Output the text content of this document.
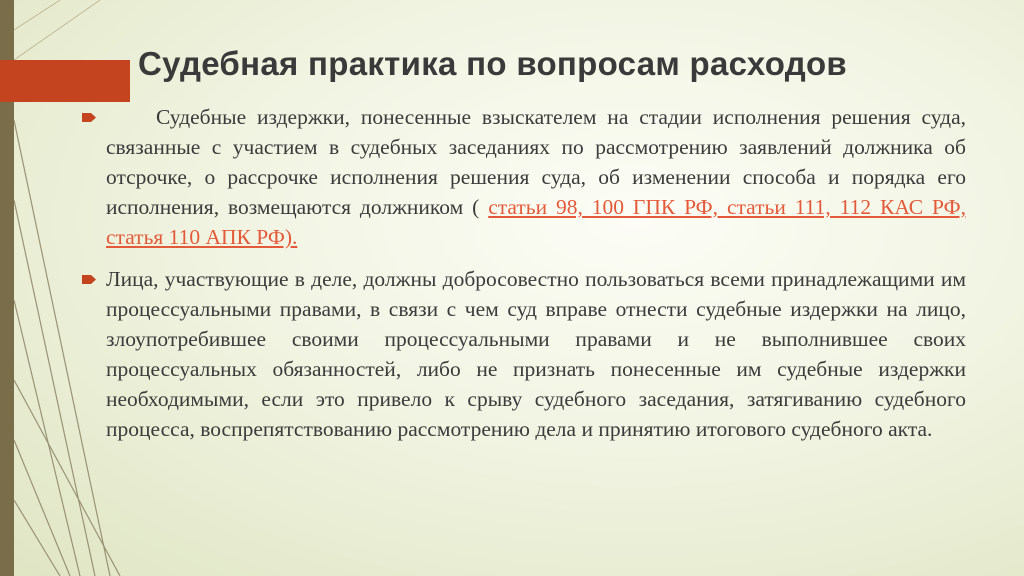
Судебная практика по вопросам расходов

Судебные издержки, понесенные взыскателем на стадии исполнения решения суда, связанные с участием в судебных заседаниях по рассмотрению заявлений должника об отсрочке, о рассрочке исполнения решения суда, об изменении способа и порядка его исполнения, возмещаются должником ( статьи 98, 100 ГПК РФ, статьи 111, 112 КАС РФ, статья 110 АПК РФ).

Лица, участвующие в деле, должны добросовестно пользоваться всеми принадлежащими им процессуальными правами, в связи с чем суд вправе отнести судебные издержки на лицо, злоупотребившее своими процессуальными правами и не выполнившее своих процессуальных обязанностей, либо не признать понесенные им судебные издержки необходимыми, если это привело к срыву судебного заседания, затягиванию судебного процесса, воспрепятствованию рассмотрению дела и принятию итогового судебного акта.
